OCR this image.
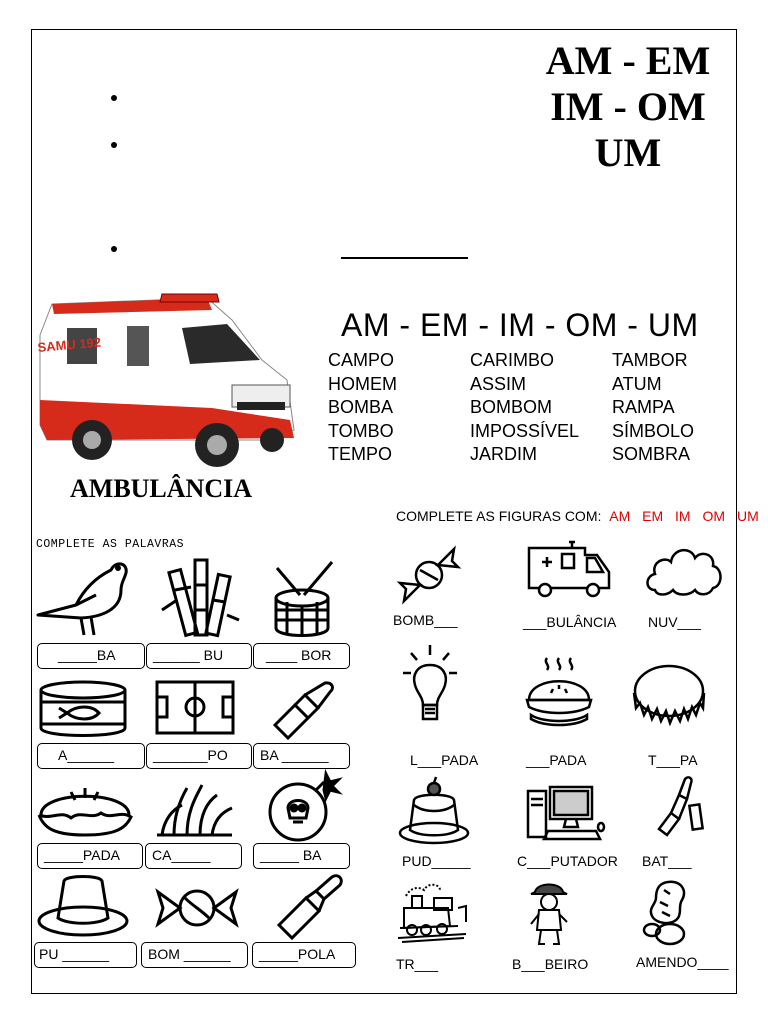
AM - EM
IM - OM
UM
SAMU 192
AMBULÂNCIA
AM - EM - IM - OM - UM
CAMPO
HOMEM
BOMBA
TOMBO
TEMPO
CARIMBO
ASSIM
BOMBOM
IMPOSSÍVEL
JARDIM
TAMBOR
ATUM
RAMPA
SÍMBOLO
SOMBRA
COMPLETE AS FIGURAS COM: AM EM IM OM UM
COMPLETE AS PALAVRAS
_____BA	______ BU	____ BOR
A______	_______PO	BA ______
_____PADA	CA_____	_____ BA
PU ______	BOM ______	_____POLA
BOMB___	___BULÂNCIA NUV___
L___PADA	___PADA	T___PA
PUD_____	C___PUTADOR BAT___
TR___	B___BEIRO	AMENDO____
